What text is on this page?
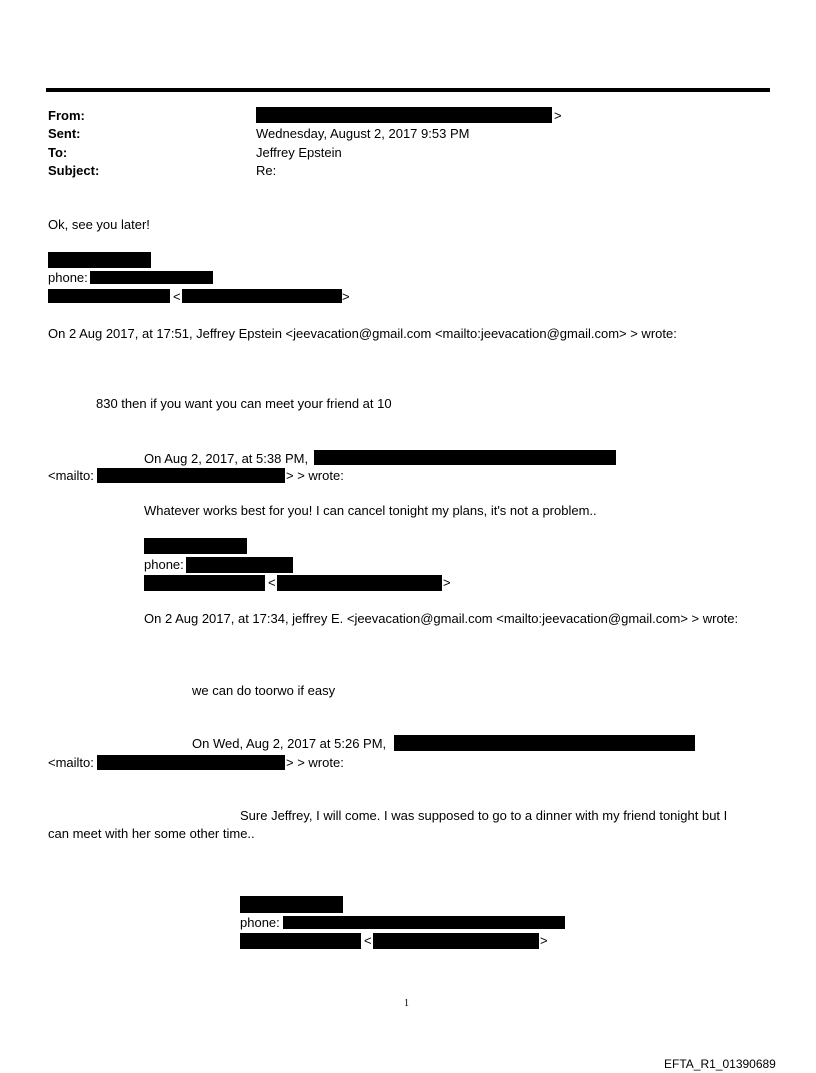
From:	>
Sent:	Wednesday, August 2, 2017 9:53 PM
To:	Jeffrey Epstein
Subject:	Re:
Ok, see you later!
phone:
<	>
On 2 Aug 2017, at 17:51, Jeffrey Epstein <jeevacation@gmail.com <mailto:jeevacation@gmail.com> > wrote:
830 then if you want you can meet your friend at 10
On Aug 2, 2017, at 5:38 PM,
<mailto:	> > wrote:
Whatever works best for you! I can cancel tonight my plans, it's not a problem..
phone:
<	>
On 2 Aug 2017, at 17:34, jeffrey E. <jeevacation@gmail.com <mailto:jeevacation@gmail.com> > wrote:
we can do toorwo if easy
On Wed, Aug 2, 2017 at 5:26 PM,
<mailto:	> > wrote:
Sure Jeffrey, I will come. I was supposed to go to a dinner with my friend tonight but I
can meet with her some other time..
phone:
<	>
1
EFTA_R1_01390689
